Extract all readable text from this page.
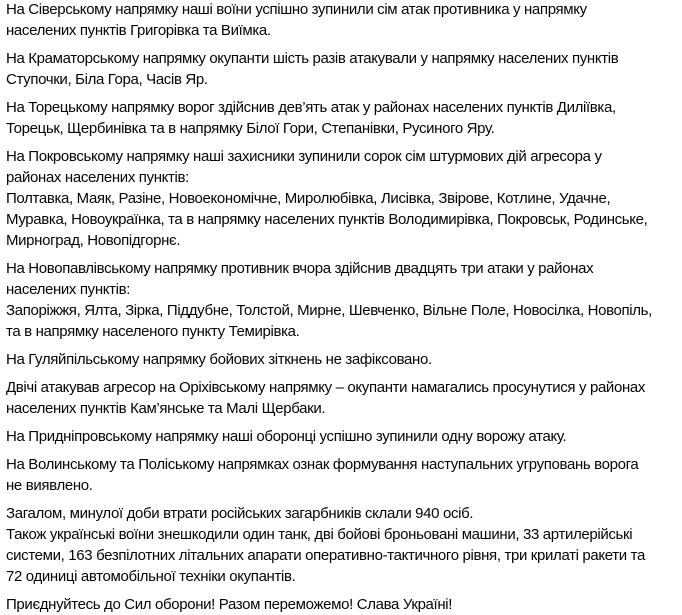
На Сіверському напрямку наші воїни успішно зупинили сім атак противника у напрямку
населених пунктів Григорівка та Виїмка.
На Краматорському напрямку окупанти шість разів атакували у напрямку населених пунктів
Ступочки, Біла Гора, Часів Яр.
На Торецькому напрямку ворог здійснив дев’ять атак у районах населених пунктів Диліївка,
Торецьк, Щербинівка та в напрямку Білої Гори, Степанівки, Русиного Яру.
На Покровському напрямку наші захисники зупинили сорок сім штурмових дій агресора у
районах населених пунктів:
Полтавка, Маяк, Разіне, Новоекономічне, Миролюбівка, Лисівка, Звірове, Котлине, Удачне,
Муравка, Новоукраїнка, та в напрямку населених пунктів Володимирівка, Покровськ, Родинське,
Мирноград, Новопідгорнє.
На Новопавлівському напрямку противник вчора здійснив двадцять три атаки у районах
населених пунктів:
Запоріжжя, Ялта, Зірка, Піддубне, Толстой, Мирне, Шевченко, Вільне Поле, Новосілка, Новопіль,
та в напрямку населеного пункту Темирівка.
На Гуляйпільському напрямку бойових зіткнень не зафіксовано.
Двічі атакував агресор на Оріхівському напрямку – окупанти намагались просунутися у районах
населених пунктів Кам’янське та Малі Щербаки.
На Придніпровському напрямку наші оборонці успішно зупинили одну ворожу атаку.
На Волинському та Поліському напрямках ознак формування наступальних угруповань ворога
не виявлено.
Загалом, минулої доби втрати російських загарбників склали 940 осіб.
Також українські воїни знешкодили один танк, дві бойові броньовані машини, 33 артилерійські
системи, 163 безпілотних літальних апарати оперативно-тактичного рівня, три крилаті ракети та
72 одиниці автомобільної техніки окупантів.
Приєднуйтесь до Сил оборони! Разом переможемо! Слава Україні!
